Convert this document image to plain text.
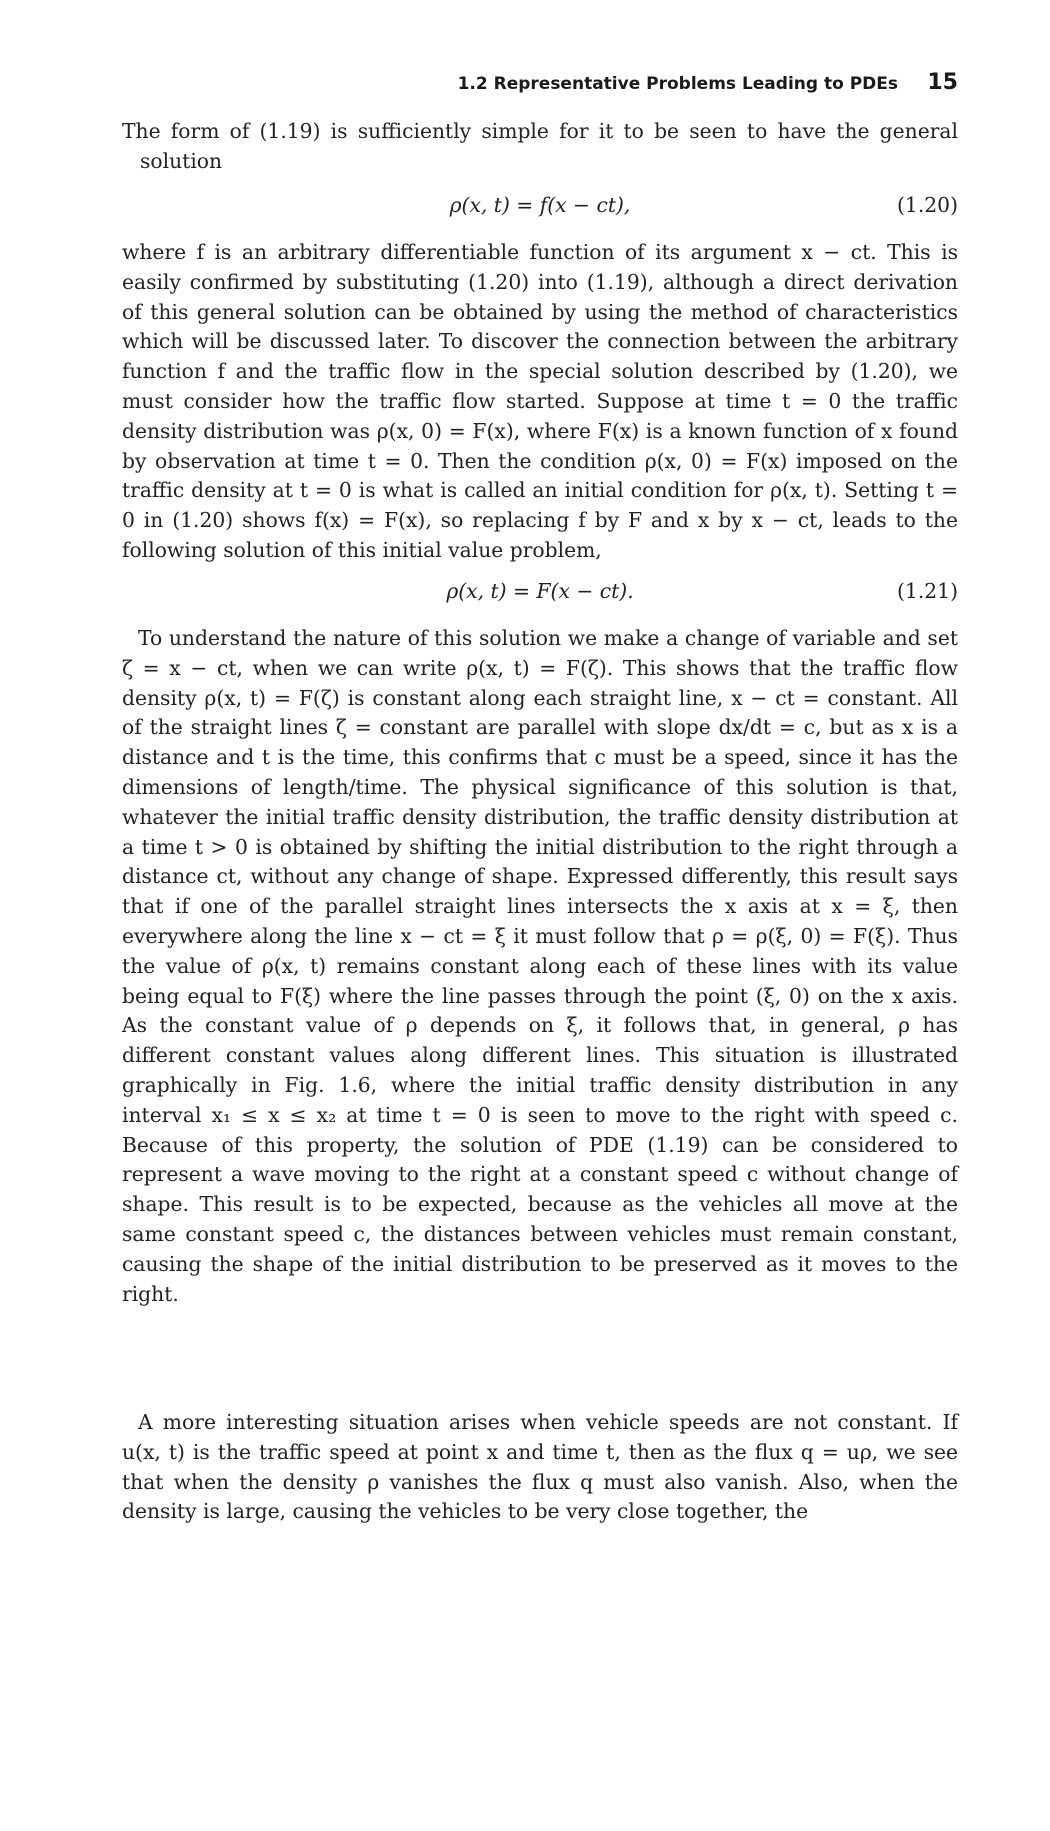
1.2 Representative Problems Leading to PDEs 15

The form of (1.19) is sufficiently simple for it to be seen to have the general solution

ρ(x, t) = f(x − ct),	(1.20)

where f is an arbitrary differentiable function of its argument x − ct. This is easily confirmed by substituting (1.20) into (1.19), although a direct derivation of this general solution can be obtained by using the method of characteristics which will be discussed later. To discover the connection between the arbitrary function f and the traffic flow in the special solution described by (1.20), we must consider how the traffic flow started. Suppose at time t = 0 the traffic density distribution was ρ(x, 0) = F(x), where F(x) is a known function of x found by observation at time t = 0. Then the condition ρ(x, 0) = F(x) imposed on the traffic density at t = 0 is what is called an initial condition for ρ(x, t). Setting t = 0 in (1.20) shows f(x) = F(x), so replacing f by F and x by x − ct, leads to the following solution of this initial value problem,

ρ(x, t) = F(x − ct).	(1.21)

To understand the nature of this solution we make a change of variable and set ζ = x − ct, when we can write ρ(x, t) = F(ζ). This shows that the traffic flow density ρ(x, t) = F(ζ) is constant along each straight line, x − ct = constant. All of the straight lines ζ = constant are parallel with slope dx/dt = c, but as x is a distance and t is the time, this confirms that c must be a speed, since it has the dimensions of length/time. The physical significance of this solution is that, whatever the initial traffic density distribution, the traffic density distribution at a time t > 0 is obtained by shifting the initial distribution to the right through a distance ct, without any change of shape. Expressed differently, this result says that if one of the parallel straight lines intersects the x axis at x = ξ, then everywhere along the line x − ct = ξ it must follow that ρ = ρ(ξ, 0) = F(ξ). Thus the value of ρ(x, t) remains constant along each of these lines with its value being equal to F(ξ) where the line passes through the point (ξ, 0) on the x axis. As the constant value of ρ depends on ξ, it follows that, in general, ρ has different constant values along different lines. This situation is illustrated graphically in Fig. 1.6, where the initial traffic density distribution in any interval x₁ ≤ x ≤ x₂ at time t = 0 is seen to move to the right with speed c. Because of this property, the solution of PDE (1.19) can be considered to represent a wave moving to the right at a constant speed c without change of shape. This result is to be expected, because as the vehicles all move at the same constant speed c, the distances between vehicles must remain constant, causing the shape of the initial distribution to be preserved as it moves to the right.

A more interesting situation arises when vehicle speeds are not constant. If u(x, t) is the traffic speed at point x and time t, then as the flux q = uρ, we see that when the density ρ vanishes the flux q must also vanish. Also, when the density is large, causing the vehicles to be very close together, the
